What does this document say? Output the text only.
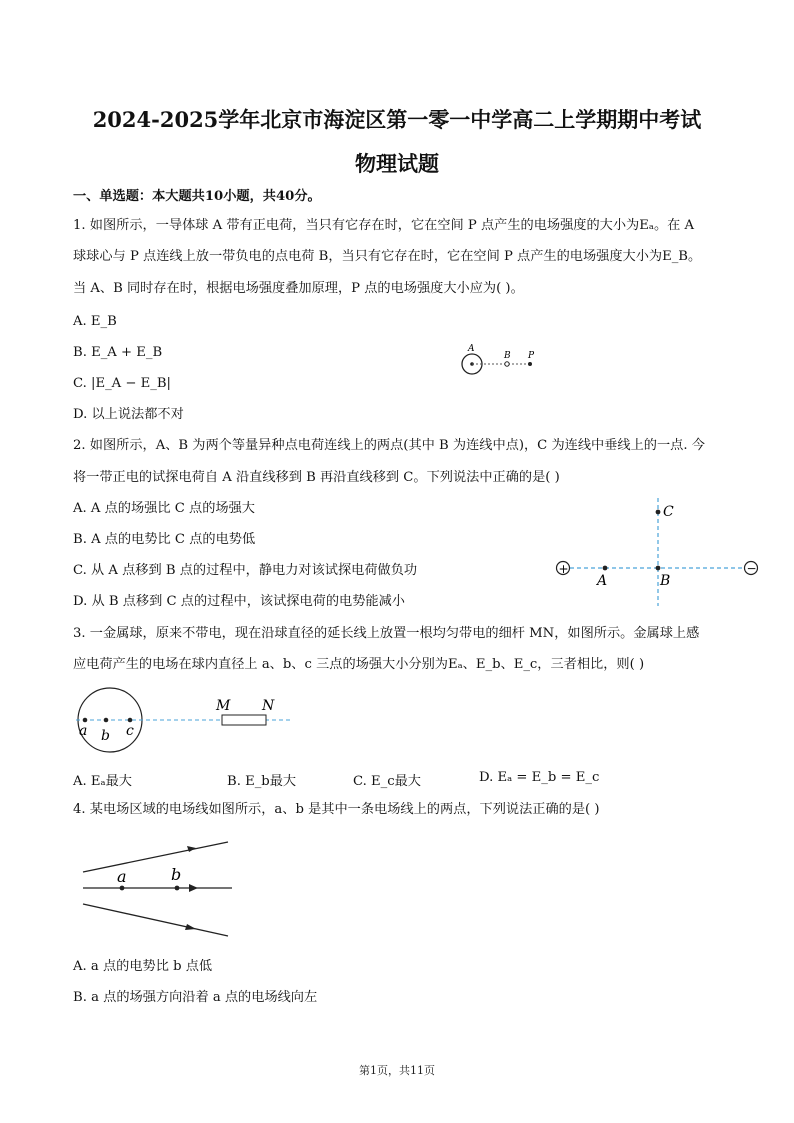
2024-2025学年北京市海淀区第一零一中学高二上学期期中考试
物理试题
一、单选题：本大题共10小题，共40分。
1. 如图所示，一导体球 A 带有正电荷，当只有它存在时，它在空间 P 点产生的电场强度的大小为Eₐ。在 A
球球心与 P 点连线上放一带负电的点电荷 B，当只有它存在时，它在空间 P 点产生的电场强度大小为E_B。
当 A、B 同时存在时，根据电场强度叠加原理，P 点的电场强度大小应为( )。
A. E_B
B. E_A + E_B
C. |E_A − E_B|
D. 以上说法都不对
A
B P
2. 如图所示，A、B 为两个等量异种点电荷连线上的两点(其中 B 为连线中点)，C 为连线中垂线上的一点. 今
将一带正电的试探电荷自 A 沿直线移到 B 再沿直线移到 C。下列说法中正确的是( )
A. A 点的场强比 C 点的场强大
B. A 点的电势比 C 点的电势低
C. 从 A 点移到 B 点的过程中，静电力对该试探电荷做负功
D. 从 B 点移到 C 点的过程中，该试探电荷的电势能减小
+	−
C
A	B
3. 一金属球，原来不带电，现在沿球直径的延长线上放置一根均匀带电的细杆 MN，如图所示。金属球上感
应电荷产生的电场在球内直径上 a、b、c 三点的场强大小分别为Eₐ、E_b、E_c，三者相比，则( )
M N
a b c
A. Eₐ最大	B. E_b最大	C. E_c最大	D. Eₐ = E_b = E_c
4. 某电场区域的电场线如图所示，a、b 是其中一条电场线上的两点，下列说法正确的是( )
a	b
A. a 点的电势比 b 点低
B. a 点的场强方向沿着 a 点的电场线向左
第1页，共11页
